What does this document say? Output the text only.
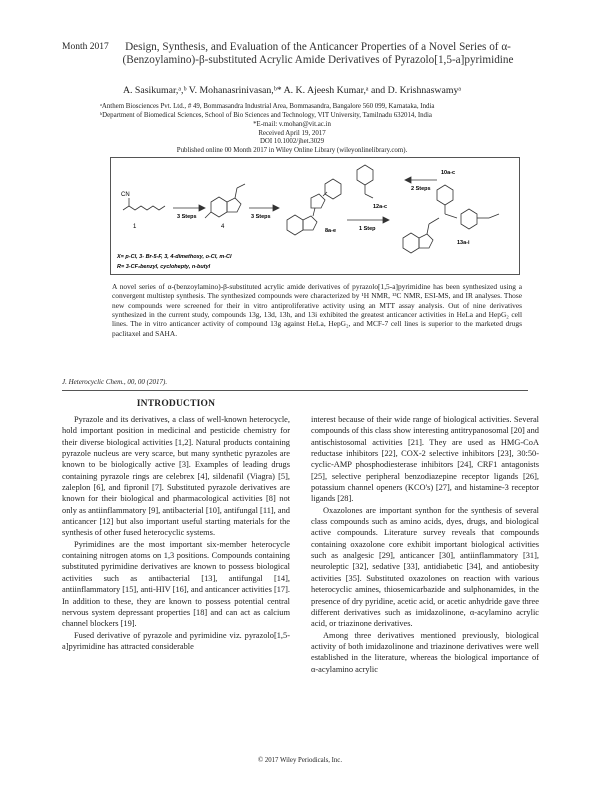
Month 2017	Design, Synthesis, and Evaluation of the Anticancer Properties of a Novel Series of α-(Benzoylamino)-β-substituted Acrylic Amide Derivatives of Pyrazolo[1,5-a]pyrimidine
A. Sasikumar,ᵃ,ᵇ V. Mohanasrinivasan,ᵇ* A. K. Ajeesh Kumar,ᵃ and D. Krishnaswamyᵃ
ᵃAnthem Biosciences Pvt. Ltd., # 49, Bommasandra Industrial Area, Bommasandra, Bangalore 560 099, Karnataka, India
ᵇDepartment of Biomedical Sciences, School of Bio Sciences and Technology, VIT University, Tamilnadu 632014, India
*E-mail: v.mohan@vit.ac.in
Received April 19, 2017
DOI 10.1002/jhet.3029
Published online 00 Month 2017 in Wiley Online Library (wileyonlinelibrary.com).
CN
1
3 Steps
4
3 Steps
8a-e
12a-c
1 Step
2 Steps
10a-c
13a-i
X= p-Cl, 3- Br-5-F, 3, 4-dimethoxy, o-Cl, m-Cl
R= 3-CF₃benzyl, cyclohepty, n-butyl
A novel series of α-(benzoylamino)-β-substituted acrylic amide derivatives of pyrazolo[1,5-a]pyrimidine has been synthesized using a convergent multistep synthesis. The synthesized compounds were characterized by ¹H NMR, ¹³C NMR, ESI-MS, and IR analyses. Those new compounds were screened for their in vitro antiproliferative activity using an MTT assay analysis. Out of nine derivatives synthesized in the current study, compounds 13g, 13d, 13h, and 13i exhibited the greatest anticancer activities in HeLa and HepG₂ cell lines. The in vitro anticancer activity of compound 13g against HeLa, HepG₂, and MCF-7 cell lines is superior to the marketed drugs paclitaxel and SAHA.
J. Heterocyclic Chem., 00, 00 (2017).
INTRODUCTION

Pyrazole and its derivatives, a class of well-known heterocycle, hold important position in medicinal and pesticide chemistry for their diverse biological activities [1,2]. Natural products containing pyrazole nucleus are very scarce, but many synthetic pyrazoles are known to be biologically active [3]. Examples of leading drugs containing pyrazole rings are celebrex [4], sildenafil (Viagra) [5], zaleplon [6], and fipronil [7]. Substituted pyrazole derivatives are known for their biological and pharmacological activities [8] not only as antiinflammatory [9], antibacterial [10], antifungal [11], and anticancer [12] but also important useful starting materials for the synthesis of other fused heterocyclic systems.

Pyrimidines are the most important six-member heterocycle containing nitrogen atoms on 1,3 positions. Compounds containing substituted pyrimidine derivatives are known to possess biological activities such as antibacterial [13], antifungal [14], antiinflammatory [15], anti-HIV [16], and anticancer activities [17]. In addition to these, they are known to possess potential central nervous system depressant properties [18] and can act as calcium channel blockers [19].

Fused derivative of pyrazole and pyrimidine viz. pyrazolo[1,5-a]pyrimidine has attracted considerable

interest because of their wide range of biological activities. Several compounds of this class show interesting antitrypanosomal [20] and antischistosomal activities [21]. They are used as HMG-CoA reductase inhibitors [22], COX-2 selective inhibitors [23], 30:50-cyclic-AMP phosphodiesterase inhibitors [24], CRF1 antagonists [25], selective peripheral benzodiazepine receptor ligands [26], potassium channel openers (KCO's) [27], and histamine-3 receptor ligands [28].

Oxazolones are important synthon for the synthesis of several class compounds such as amino acids, dyes, drugs, and biological active compounds. Literature survey reveals that compounds containing oxazolone core exhibit important biological activities such as analgesic [29], anticancer [30], antiinflammatory [31], neuroleptic [32], sedative [33], antidiabetic [34], and antiobesity activities [35]. Substituted oxazolones on reaction with various heterocyclic amines, thiosemicarbazide and sulphonamides, in the presence of dry pyridine, acetic acid, or acetic anhydride gave three different derivatives such as imidazolinone, α-acylamino acrylic acid, or triazinone derivatives.

Among three derivatives mentioned previously, biological activity of both imidazolinone and triazinone derivatives were well established in the literature, whereas the biological importance of α-acylamino acrylic

© 2017 Wiley Periodicals, Inc.
